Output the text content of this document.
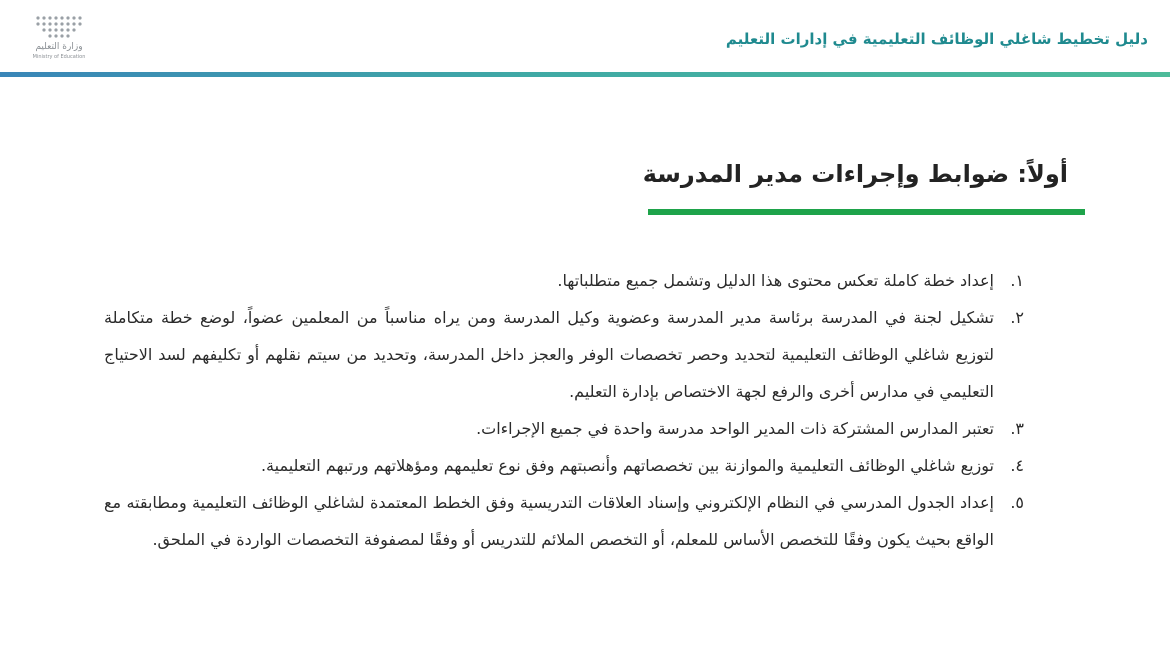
وزارة التعليم
Ministry of Education
دليل تخطيط شاغلي الوظائف التعليمية في إدارات التعليم
أولاً: ضوابط وإجراءات مدير المدرسة
١.
إعداد خطة كاملة تعكس محتوى هذا الدليل وتشمل جميع متطلباتها.
٢.
تشكيل لجنة في المدرسة برئاسة مدير المدرسة وعضوية وكيل المدرسة ومن يراه مناسباً من المعلمين عضواً، لوضع خطة متكاملة لتوزيع شاغلي الوظائف التعليمية لتحديد وحصر تخصصات الوفر والعجز داخل المدرسة، وتحديد من سيتم نقلهم أو تكليفهم لسد الاحتياج التعليمي في مدارس أخرى والرفع لجهة الاختصاص بإدارة التعليم.
٣.
تعتبر المدارس المشتركة ذات المدير الواحد مدرسة واحدة في جميع الإجراءات.
٤.
توزيع شاغلي الوظائف التعليمية والموازنة بين تخصصاتهم وأنصبتهم وفق نوع تعليمهم ومؤهلاتهم ورتبهم التعليمية.
٥.
إعداد الجدول المدرسي في النظام الإلكتروني وإسناد العلاقات التدريسية وفق الخطط المعتمدة لشاغلي الوظائف التعليمية ومطابقته مع الواقع بحيث يكون وفقًا للتخصص الأساس للمعلم، أو التخصص الملائم للتدريس أو وفقًا لمصفوفة التخصصات الواردة في الملحق.
